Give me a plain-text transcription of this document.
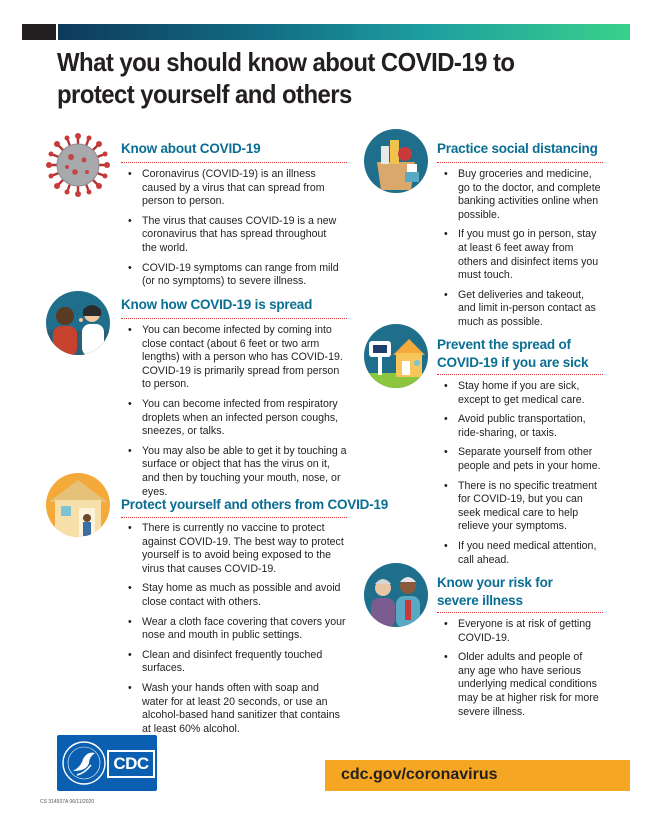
What you should know about COVID-19 to protect yourself and others
Know about COVID-19
• Coronavirus (COVID-19) is an illness caused by a virus that can spread from person to person.
• The virus that causes COVID-19 is a new coronavirus that has spread throughout the world.
• COVID-19 symptoms can range from mild (or no symptoms) to severe illness.
Know how COVID-19 is spread
• You can become infected by coming into close contact (about 6 feet or two arm lengths) with a person who has COVID-19. COVID-19 is primarily spread from person to person.
• You can become infected from respiratory droplets when an infected person coughs, sneezes, or talks.
• You may also be able to get it by touching a surface or object that has the virus on it, and then by touching your mouth, nose, or eyes.
Protect yourself and others from COVID-19
• There is currently no vaccine to protect against COVID-19. The best way to protect yourself is to avoid being exposed to the virus that causes COVID-19.
• Stay home as much as possible and avoid close contact with others.
• Wear a cloth face covering that covers your nose and mouth in public settings.
• Clean and disinfect frequently touched surfaces.
• Wash your hands often with soap and water for at least 20 seconds, or use an alcohol-based hand sanitizer that contains at least 60% alcohol.
Practice social distancing
• Buy groceries and medicine, go to the doctor, and complete banking activities online when possible.
• If you must go in person, stay at least 6 feet away from others and disinfect items you must touch.
• Get deliveries and takeout, and limit in-person contact as much as possible.
Prevent the spread of
COVID-19 if you are sick
• Stay home if you are sick, except to get medical care.
• Avoid public transportation, ride-sharing, or taxis.
• Separate yourself from other people and pets in your home.
• There is no specific treatment for COVID-19, but you can seek medical care to help relieve your symptoms.
• If you need medical attention, call ahead.
Know your risk for
severe illness
• Everyone is at risk of getting COVID-19.
• Older adults and people of any age who have serious underlying medical conditions may be at higher risk for more severe illness.
CDC
cdc.gov/coronavirus
CS 314937A 06/11/2020
